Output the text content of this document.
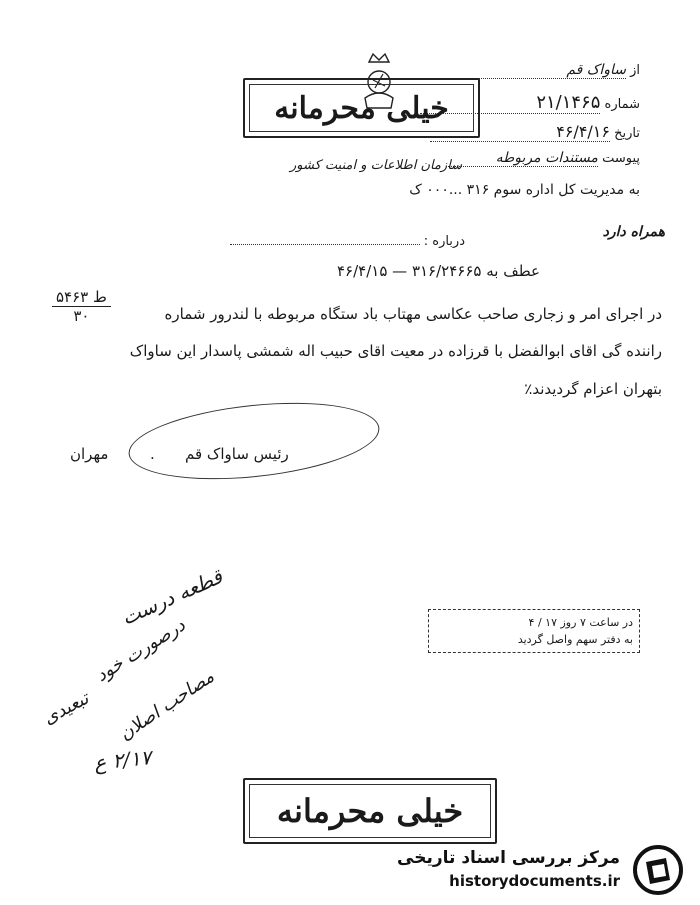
از ساواک قم
شماره ۲۱/۱۴۶۵
تاریخ ۴۶/۴/۱۶
پیوست مستندات مربوطه
سازمان اطلاعات و امنیت کشور
به مدیریت کل اداره سوم ۳۱۶ ...۰۰۰ ک
خیلی محرمانه
همراه دارد
درباره :
عطف به ۳۱۶/۲۴۶۶۵ — ۴۶/۴/۱۵
در اجرای امر و زجاری صاحب عکاسی مهتاب باد ستگاه مربوطه با لندرور شماره
۵۴۶۳ ط
۳۰
راننده گی اقای ابوالفضل با قرزاده در معیت اقای حبیب اله شمشی پاسدار این ساواک
بتهران اعزام گردیدند٪
رئیس ساواک قم
.
مهران
در ساعت ۷ روز ۱۷ / ۴
به دفتر سهم واصل گردید
قطعه درست
درصورت خود
مصاحب اصلان
تبعیدی
۲/۱۷ ع
خیلی محرمانه
مرکز بررسی اسناد تاریخی
historydocuments.ir
